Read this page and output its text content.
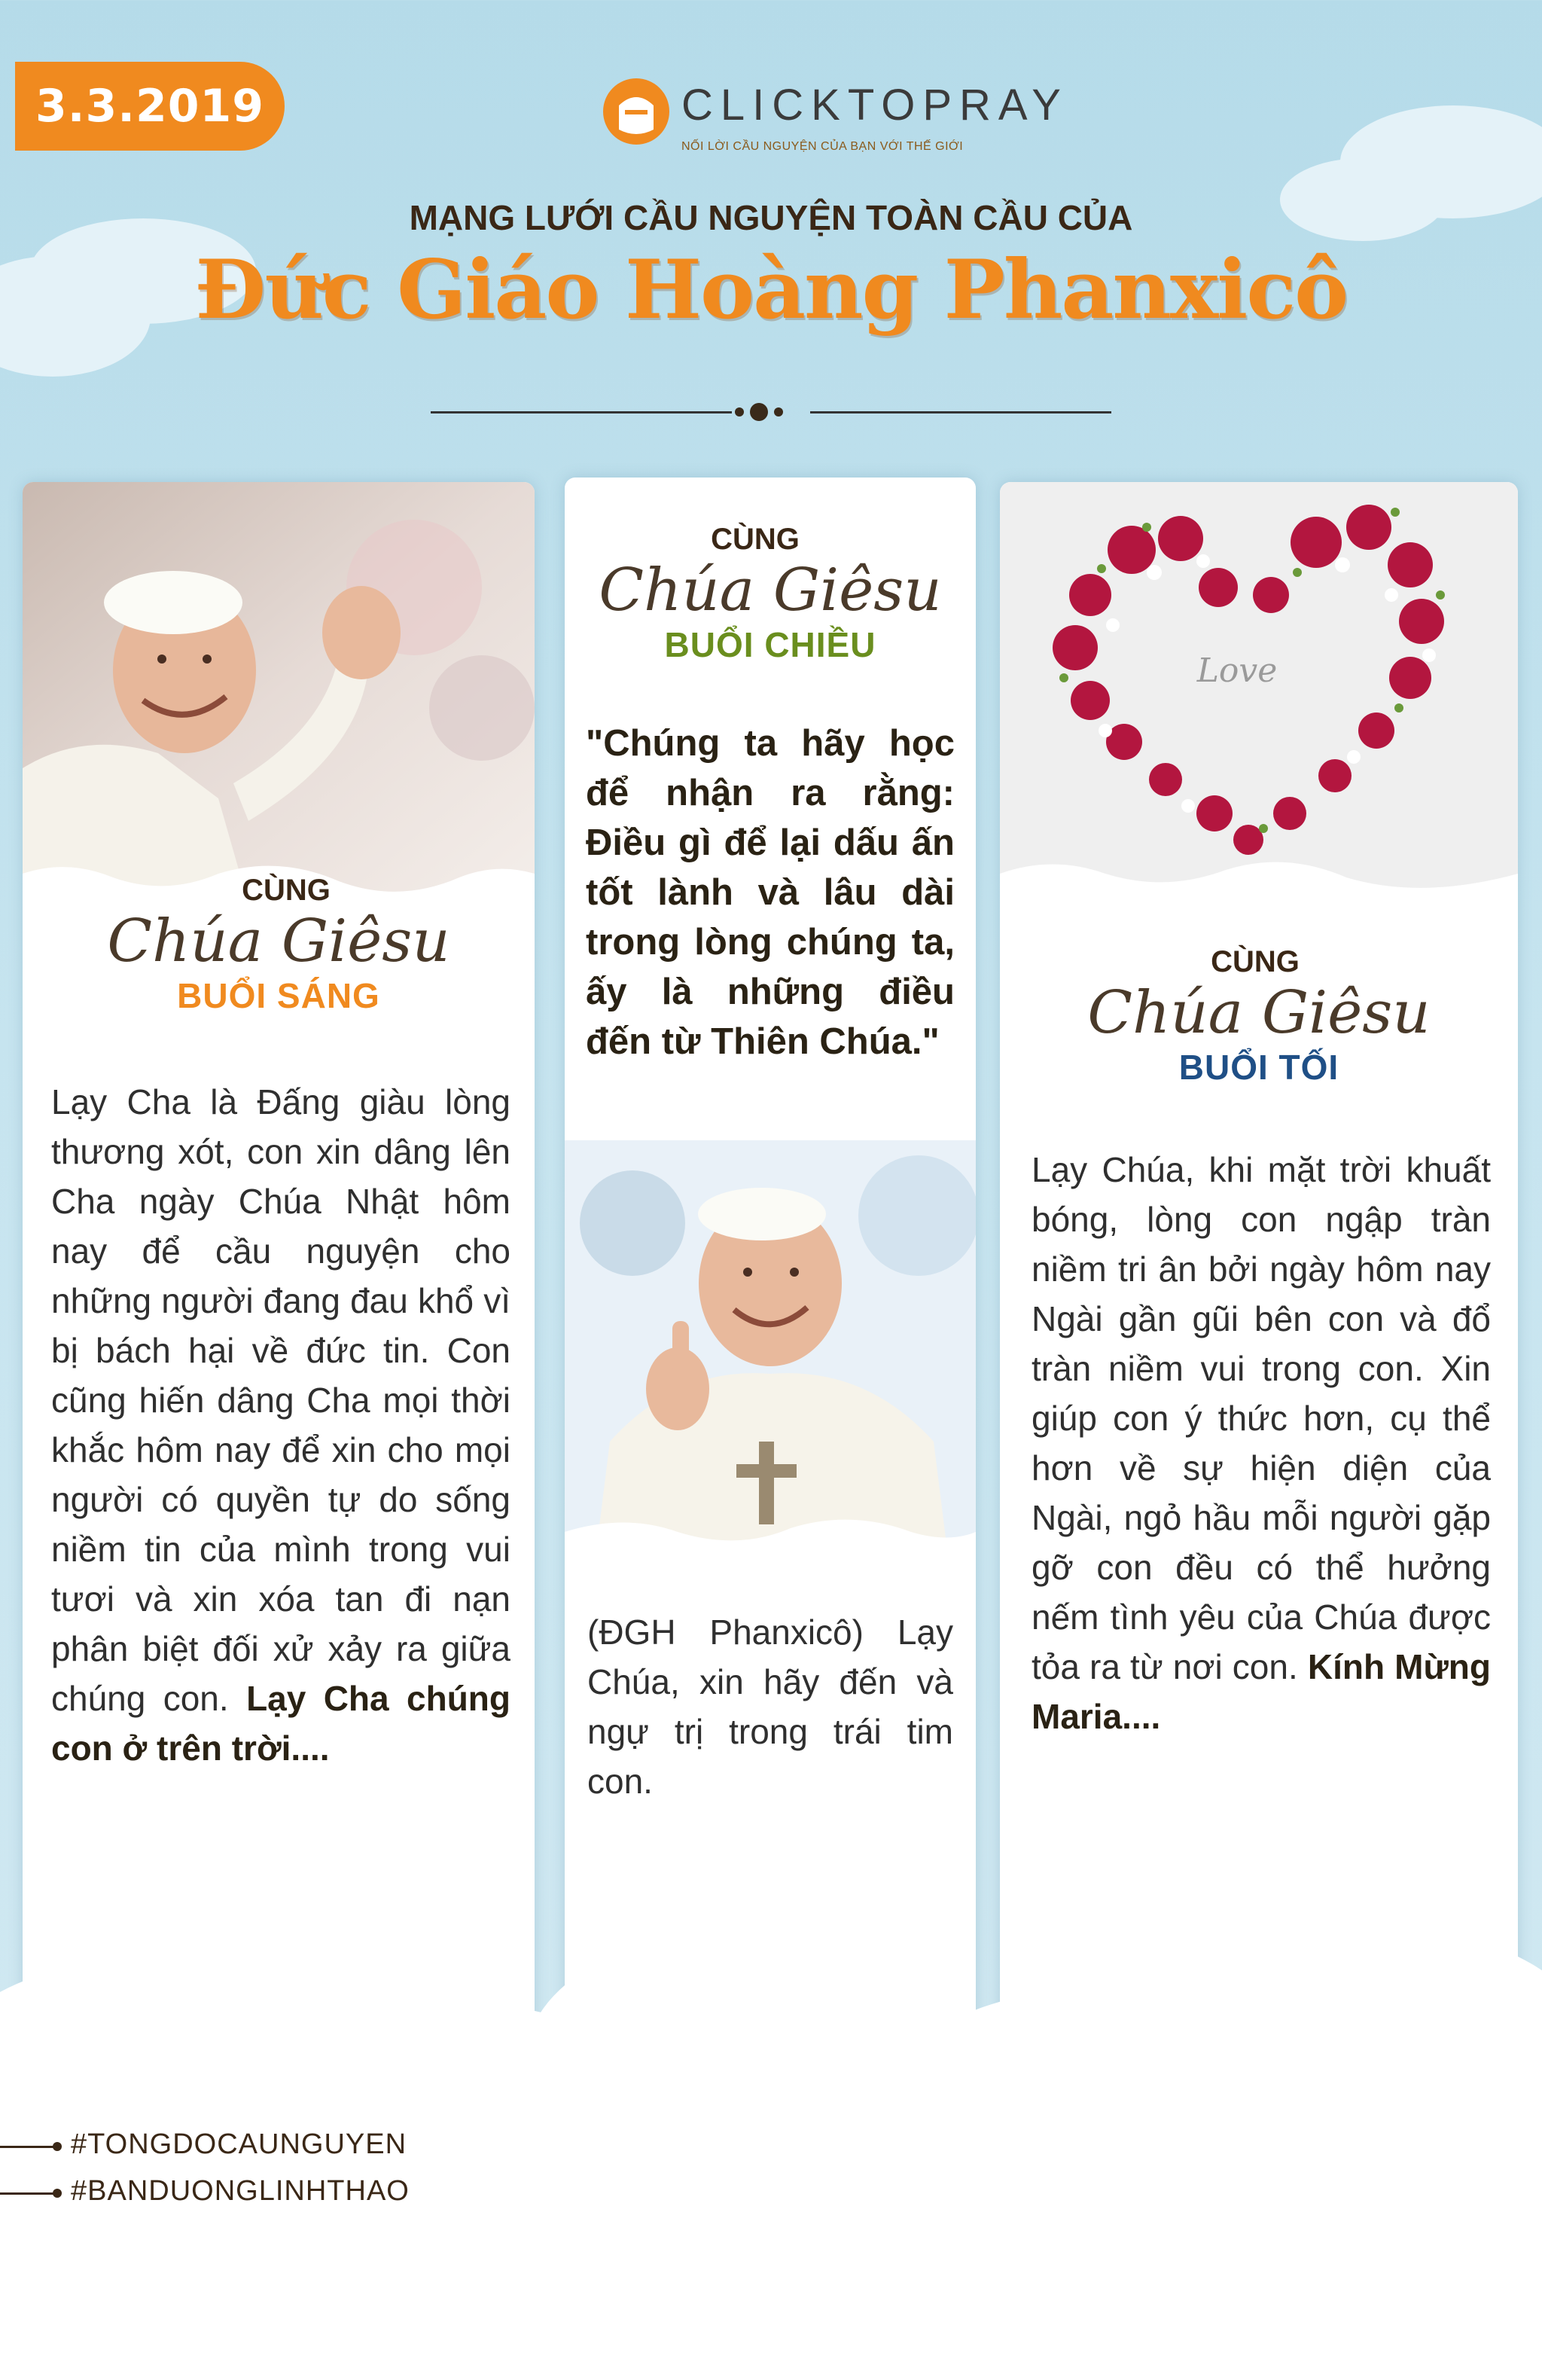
3.3.2019	CLICKTOPRAY
NỐI LỜI CẦU NGUYỆN CỦA BẠN VỚI THẾ GIỚI
MẠNG LƯỚI CẦU NGUYỆN TOÀN CẦU CỦA
Đức Giáo Hoàng Phanxicô
CÙNG
Chúa Giêsu
BUỔI SÁNG
Lạy Cha là Đấng giàu lòng thương xót, con xin dâng lên Cha ngày Chúa Nhật hôm nay để cầu nguyện cho những người đang đau khổ vì bị bách hại về đức tin. Con cũng hiến dâng Cha mọi thời khắc hôm nay để xin cho mọi người có quyền tự do sống niềm tin của mình trong vui tươi và xin xóa tan đi nạn phân biệt đối xử xảy ra giữa chúng con. Lạy Cha chúng con ở trên trời....
CÙNG
Chúa Giêsu
BUỔI CHIỀU
"Chúng ta hãy học để nhận ra rằng: Điều gì để lại dấu ấn tốt lành và lâu dài trong lòng chúng ta, ấy là những điều đến từ Thiên Chúa."
(ĐGH Phanxicô) Lạy Chúa, xin hãy đến và ngự trị trong trái tim con.
Love
CÙNG
Chúa Giêsu
BUỔI TỐI
Lạy Chúa, khi mặt trời khuất bóng, lòng con ngập tràn niềm tri ân bởi ngày hôm nay Ngài gần gũi bên con và đổ tràn niềm vui trong con. Xin giúp con ý thức hơn, cụ thể hơn về sự hiện diện của Ngài, ngỏ hầu mỗi người gặp gỡ con đều có thể hưởng nếm tình yêu của Chúa được tỏa ra từ nơi con. Kính Mừng Maria....
#TONGDOCAUNGUYEN
#BANDUONGLINHTHAO
